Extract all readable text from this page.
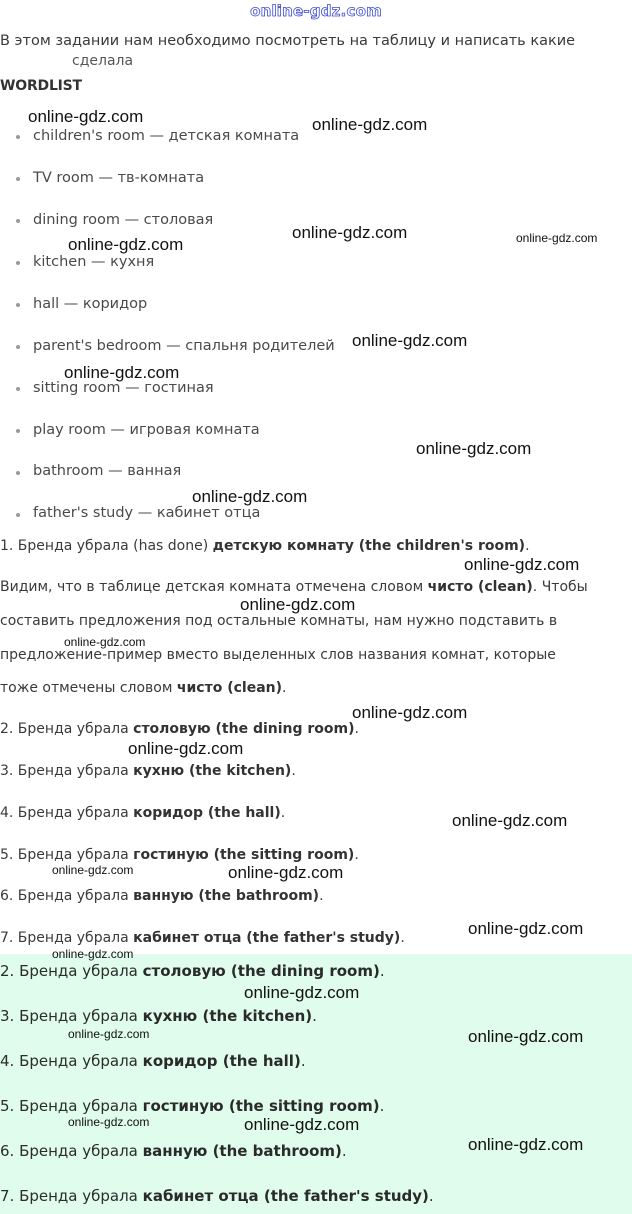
online-gdz.com
В этом задании нам необходимо посмотреть на таблицу и написать какие
сделала
WORDLIST
children's room — детская комната
TV room — тв-комната
dining room — столовая
kitchen — кухня
hall — коридор
parent's bedroom — спальня родителей
sitting room — гостиная
play room — игровая комната
bathroom — ванная
father's study — кабинет отца
1. Бренда убрала (has done) детскую комнату (the children's room).
Видим, что в таблице детская комната отмечена словом чисто (clean). Чтобы
составить предложения под остальные комнаты, нам нужно подставить в
предложение-пример вместо выделенных слов названия комнат, которые
тоже отмечены словом чисто (clean).
2. Бренда убрала столовую (the dining room).
3. Бренда убрала кухню (the kitchen).
4. Бренда убрала коридор (the hall).
5. Бренда убрала гостиную (the sitting room).
6. Бренда убрала ванную (the bathroom).
7. Бренда убрала кабинет отца (the father's study).
2. Бренда убрала столовую (the dining room).
3. Бренда убрала кухню (the kitchen).
4. Бренда убрала коридор (the hall).
5. Бренда убрала гостиную (the sitting room).
6. Бренда убрала ванную (the bathroom).
7. Бренда убрала кабинет отца (the father's study).
online-gdz.com	online-gdz.com
online-gdz.com
online-gdz.com	online-gdz.com
online-gdz.com
online-gdz.com
online-gdz.com
online-gdz.com
online-gdz.com
online-gdz.com
online-gdz.com
online-gdz.com
online-gdz.com
online-gdz.com
online-gdz.com	online-gdz.com
online-gdz.com
online-gdz.com
online-gdz.com
online-gdz.com	online-gdz.com
online-gdz.com	online-gdz.com
online-gdz.com
